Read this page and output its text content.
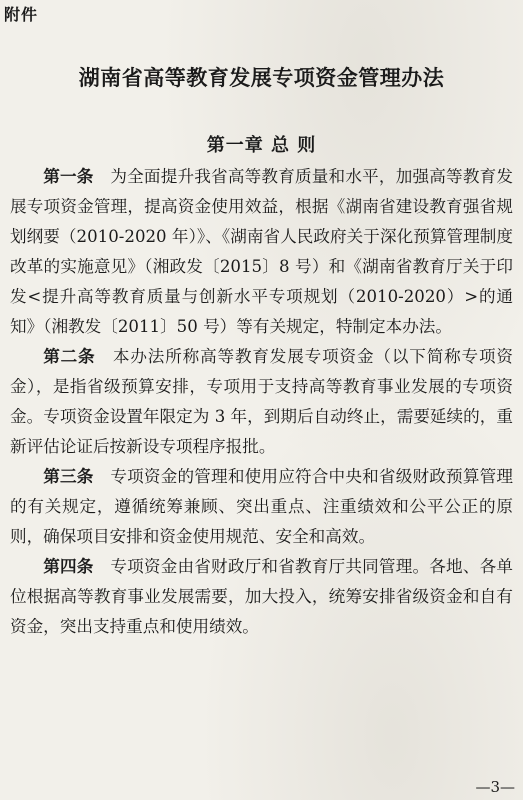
附件
湖南省高等教育发展专项资金管理办法
第一章 总 则

第一条　 为全面提升我省高等教育质量和水平，加强高等教育发展专项资金管理，提高资金使用效益，根据《湖南省建设教育强省规划纲要（2010-2020 年）》、《湖南省人民政府关于深化预算管理制度改革的实施意见》（湘政发〔2015〕8 号）和《湖南省教育厅关于印发<提升高等教育质量与创新水平专项规划（2010-2020）>的通知》（湘教发〔2011〕50 号）等有关规定，特制定本办法。

第二条　 本办法所称高等教育发展专项资金（以下简称专项资金），是指省级预算安排，专项用于支持高等教育事业发展的专项资金。专项资金设置年限定为 3 年，到期后自动终止，需要延续的，重新评估论证后按新设专项程序报批。

第三条　 专项资金的管理和使用应符合中央和省级财政预算管理的有关规定，遵循统筹兼顾、突出重点、注重绩效和公平公正的原则，确保项目安排和资金使用规范、安全和高效。

第四条　 专项资金由省财政厅和省教育厅共同管理。各地、各单位根据高等教育事业发展需要，加大投入，统筹安排省级资金和自有资金，突出支持重点和使用绩效。

—3—
